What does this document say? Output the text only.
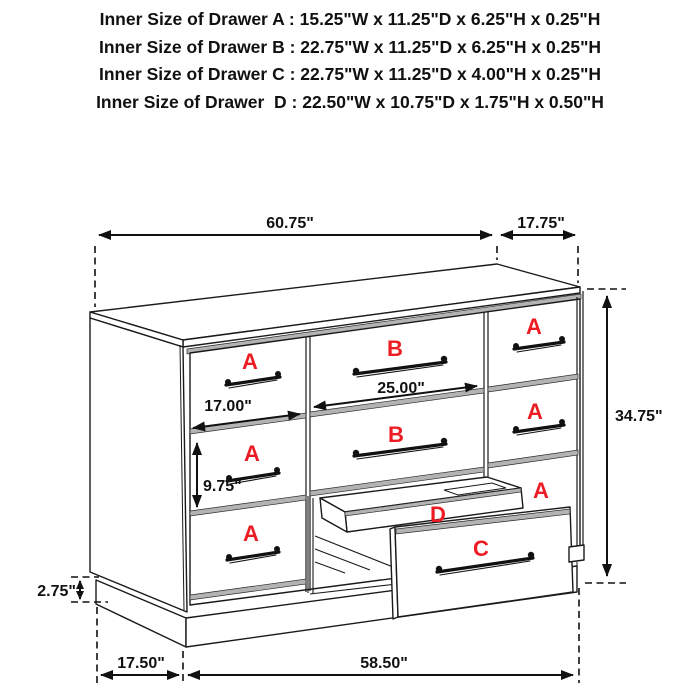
Inner Size of Drawer A : 15.25"W x 11.25"D x 6.25"H x 0.25"H
Inner Size of Drawer B : 22.75"W x 11.25"D x 6.25"H x 0.25"H
Inner Size of Drawer C : 22.75"W x 11.25"D x 4.00"H x 0.25"H
Inner Size of Drawer  D : 22.50"W x 10.75"D x 1.75"H x 0.50"H
60.75"	17.75"
34.75"
25.00"
17.00"
9.75"
2.75"
17.50"	58.50"
A
A
A
A
A
A
B
B
C
D
